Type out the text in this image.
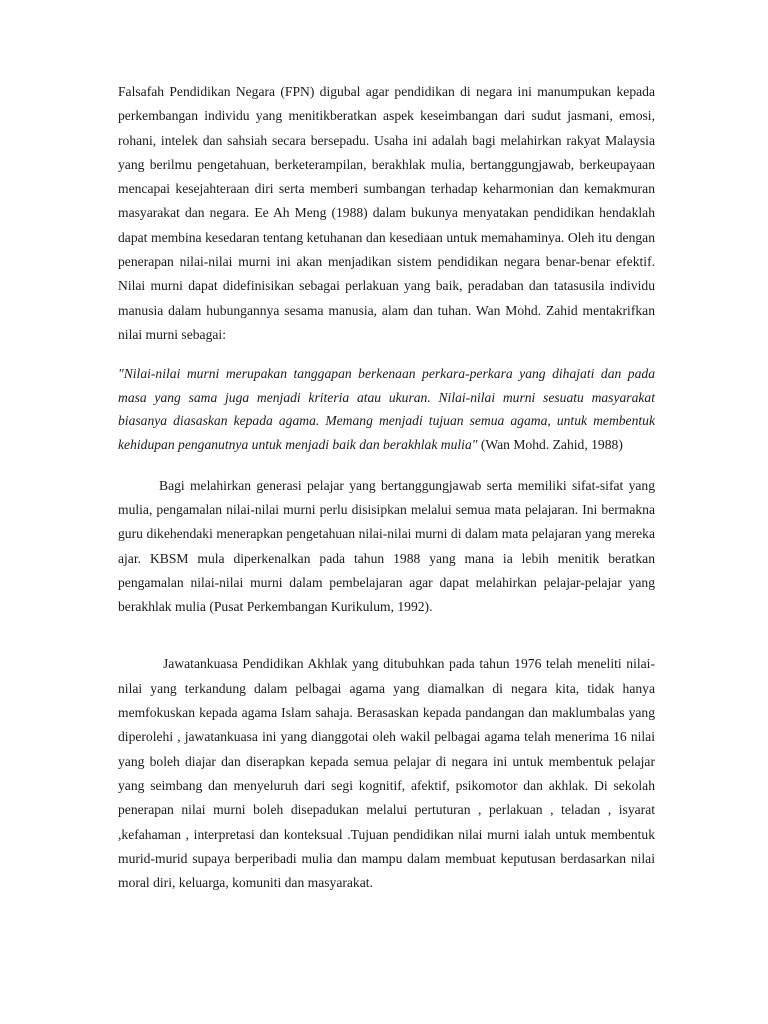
Falsafah Pendidikan Negara (FPN) digubal agar pendidikan di negara ini manumpukan kepada perkembangan individu yang menitikberatkan aspek keseimbangan dari sudut jasmani, emosi, rohani, intelek dan sahsiah secara bersepadu. Usaha ini adalah bagi melahirkan rakyat Malaysia yang berilmu pengetahuan, berketerampilan, berakhlak mulia, bertanggungjawab, berkeupayaan mencapai kesejahteraan diri serta memberi sumbangan terhadap keharmonian dan kemakmuran masyarakat dan negara. Ee Ah Meng (1988) dalam bukunya menyatakan pendidikan hendaklah dapat membina kesedaran tentang ketuhanan dan kesediaan untuk memahaminya. Oleh itu dengan penerapan nilai-nilai murni ini akan menjadikan sistem pendidikan negara benar-benar efektif. Nilai murni dapat didefinisikan sebagai perlakuan yang baik, peradaban dan tatasusila individu manusia dalam hubungannya sesama manusia, alam dan tuhan. Wan Mohd. Zahid mentakrifkan nilai murni sebagai:

"Nilai-nilai murni merupakan tanggapan berkenaan perkara-perkara yang dihajati dan pada masa yang sama juga menjadi kriteria atau ukuran. Nilai-nilai murni sesuatu masyarakat biasanya diasaskan kepada agama. Memang menjadi tujuan semua agama, untuk membentuk kehidupan penganutnya untuk menjadi baik dan berakhlak mulia" (Wan Mohd. Zahid, 1988)

Bagi melahirkan generasi pelajar yang bertanggungjawab serta memiliki sifat-sifat yang mulia, pengamalan nilai-nilai murni perlu disisipkan melalui semua mata pelajaran. Ini bermakna guru dikehendaki menerapkan pengetahuan nilai-nilai murni di dalam mata pelajaran yang mereka ajar. KBSM mula diperkenalkan pada tahun 1988 yang mana ia lebih menitik beratkan pengamalan nilai-nilai murni dalam pembelajaran agar dapat melahirkan pelajar-pelajar yang berakhlak mulia (Pusat Perkembangan Kurikulum, 1992).

Jawatankuasa Pendidikan Akhlak yang ditubuhkan pada tahun 1976 telah meneliti nilai-nilai yang terkandung dalam pelbagai agama yang diamalkan di negara kita, tidak hanya memfokuskan kepada agama Islam sahaja. Berasaskan kepada pandangan dan maklumbalas yang diperolehi , jawatankuasa ini yang dianggotai oleh wakil pelbagai agama telah menerima 16 nilai yang boleh diajar dan diserapkan kepada semua pelajar di negara ini untuk membentuk pelajar yang seimbang dan menyeluruh dari segi kognitif, afektif, psikomotor dan akhlak. Di sekolah penerapan nilai murni boleh disepadukan melalui pertuturan , perlakuan , teladan , isyarat ,kefahaman , interpretasi dan konteksual .Tujuan pendidikan nilai murni ialah untuk membentuk murid-murid supaya berperibadi mulia dan mampu dalam membuat keputusan berdasarkan nilai moral diri, keluarga, komuniti dan masyarakat.
